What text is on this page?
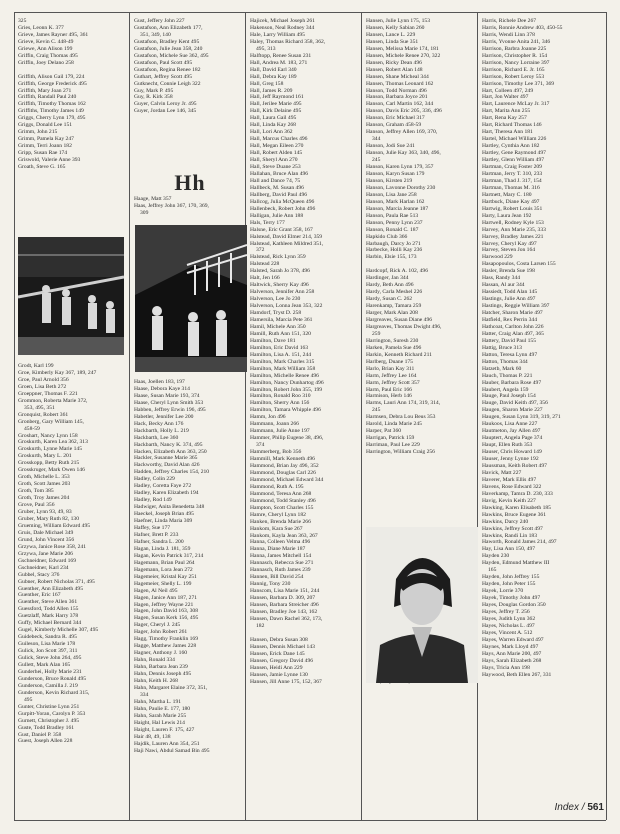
325
Gries, Leonn K. 377
Grieve, James Rayner 495, 361
Grieve, Kevin C. 448-49
Griewe, Ann Alison 199
Griffin, Craig Thomas 495
Griffin, Joey Delano 258

Griffith, Alison Gail 179, 224
Griffith, George Frederick 495
Griffith, Mary Joan 271
Griffith, Randall Paul 240
Griffith, Timothy Thomas 162
Griffiths, Timothy James 149
Griggs, Cherry Lynn 179, 495
Griggs, Donald Lee 151
Grimm, John 215
Grimm, Pamela Kay 247
Grimm, Terri Joann 182
Gripp, Susan Rae 174
Griswold, Valerie Anne 393
Groath, Steve G. 165
Grodt, Karl 199
Groe, Kimberly Kay 367, 189, 247
Groe, Paul Arnold 356
Groen, Lisa Beth 272
Groeppner, Thomas F. 221
Grommon, Roberta Marie 372,
353, 495, 351
Gronquist, Robert 361
Gronberg, Gary William 145,
458-59
Groshart, Nancy Lynn 158
Groskurth, Karen Lea 362, 313
Groskurth, Lynne Marie 145
Groskurth, Mary L. 201
Grosskopp, Betty Ruth 215
Grosskruger, Mark Owen 146
Groth, Michelle L. 353
Groth, Scott James 203
Groth, Tom 385
Groth, Troy James 204
Grove, Paul 356
Gruber, Lynn 93, 49, 83
Gruber, Mary Ruth 82, 130
Grueming, William Edward 495
Gruis, Dale Michael 349
Grund, John Vincent 356
Grzywa, Janice Rose 358, 241
Grzywa, Jane Marie 206
Gschneidner, Edward 169
Gschneidner, Karl 234
Gubbel, Stacy 376
Gubner, Robert Nicholas 371, 495
Guenther, Ann Elizabeth 495
Guenther, Eric 167
Guenther, Steve Allen 361
Guessford, Todd Allen 155
Guetzlaff, Mark Harry 378
Guffy, Michael Bernard 344
Gugel, Kimberly Michelle 307, 495
Guidebeck, Sandra R. 495
Guileson, Lisa Marie 178
Gulick, Jon Scott 397, 311
Gulick, Steve John 264, 495
Gullett, Mark Alan 165
Gunderhei, Holly Marie 231
Gunderson, Bruce Ronald 495
Gunderson, Camilla J. 219
Gunderson, Kevin Richard 315,
495
Gunter, Christine Lynn 251
Gurpitt-Yoran, Carolyn P. 353
Gurnett, Christopher J. 495
Guste, Todd Bradley 161
Gust, Daniel P. 358
Guest, Joseph Allen 228
Gust, Jeffery John 227
Gustafson, Ann Elizabeth 177,
351, 349, 140
Gustafson, Bradley Kent 495
Gustafson, Julie Jean 358, 240
Gustafson, Michele Sue 362, 495
Gustafson, Paul Scott 495
Gustafson, Regina Renee 182
Guthart, Jeffrey Scott 495
Gutknecht, Connie Leigh 322
Guy, Mark P. 495
Guy, R. Kirk 358
Guyer, Calvin Leroy Jr. 495
Guyer, Jordan Lee 146, 345
Haage, Matt 357
Haas, Jeffrey John 367, 170, 369,
309
Haas, Joellen 183, 197
Haase, Debora Kaye 314
Haase, Susan Marie 193, 374
Haase, Cheryl Lynn Smith 353
Habben, Jeffrey Erwin 196, 495
Habetler, Jennifer Lee 200
Hack, Becky Ann 176
Hackbarth, Holly L. 219
Hackbarth, Lee 360
Hackbarth, Nancy K. 374, 495
Hacken, Elizabeth Ann 363, 250
Hackler, Susanne Marie 365
Hackworthy, David Alan 426
Hadden, Jeffrey Charles 154, 210
Hadley, Colin 229
Hadley, Coretta Faye 272
Hadley, Karen Elizabeth 194
Hadley, Rod 149
Hadwiger, Anita Benedetta 348
Haeckel, Joseph Brian 495
Haefner, Linda Maria 309
Haffey, Sue 177
Hafner, Brett P. 233
Hafner, Sandra L. 200
Hagan, Linda J. 181, 359
Hagan, Kevin Patrick 317, 214
Hagemann, Brian Paul 264
Hagemann, Lora Jean 272
Hagemeier, Kristal Kay 251
Hagemeier, Shelly L. 199
Hagen, Al Neil 495
Hagen, Janice Ann 187, 271
Hagen, Jeffrey Wayne 221
Hagen, John David 163, 308
Hagen, Susan Kerk 156, 495
Hager, Cheryl J. 245
Hager, John Robert 261
Hagg, Timothy Franklin 169
Hagge, Matthew James 228
Hagner, Anthony J. 160
Hahn, Ronald 334
Hahn, Barbara Jean 239
Hahn, Dennis Joseph 495
Hahn, Keith H. 268
Hahn, Margaret Elaine 372, 351,
334
Hahn, Martha L. 191
Hahn, Paulie E. 177, 180
Hahn, Sarah Marie 255
Haight, Hal Lewis 214
Haight, Lauren F. 175, 427
Hair 48, 49, 138
Hajdik, Lauren Ann 354, 251
Haji Nawi, Abdul Samad Bin 495
Hajicek, Michael Joseph 261
Hakenson, Neal Rodney 344
Hale, Larry William 495
Haley, Thomas Richard 358, 362,
495, 313
Halftopp, Renee Susan 231
Hall, Andrea M. 183, 271
Hall, David Earl 340
Hall, Debra Kay 189
Hall, Greg 158
Hall, James R. 209
Hall, Jeff Raymond 161
Hall, Jerilee Marie 495
Hall, Kirk Delaine 495
Hall, Laura Gail 495
Hall, Linda Kay 268
Hall, Lori Ann 362
Hall, Marcus Charles 496
Hall, Megan Eileen 270
Hall, Robert Alden 145
Hall, Sheryl Ann 270
Hall, Steve Duane 253
Hallahan, Bruce Alan 496
Hall and Dance 74, 75
Hallbeck, M. Susan 496
Hallberg, David Paul 496
Hallcog, Julia McQueen 496
Hallenbeck, Robert John 496
Halligan, Julie Ann 188
Hals, Terry 177
Halsne, Eric Grant 358, 167
Halstead, David Elmer 214, 359
Halstead, Kathleen Mildred 351,
372
Halstead, Rick Lynn 359
Halstead 228
Halsted, Sarah Jo 378, 496
Halt, Jen 166
Haltwick, Sherry Kay 496
Halverson, Jennifer Ann 258
Halverson, Lee Jo 230
Halverson, Lonna Jean 353, 322
Hamdorf, Tryst D. 258
Hamersila, Marcia Pete 361
Hamil, Michele Ann 350
Hamill, Ruth Ann 151, 320
Hamilton, Dave 181
Hamilton, Eric David 163
Hamilton, Lisa A. 151, 244
Hamilton, Mark Charles 315
Hamilton, Mark William 358
Hamilton, Michelle Renee 496
Hamilton, Nancy Dunhartog 496
Hamilton, Robert John 355, 199
Hamilton, Ronald Roo 310
Hamilton, Sherry Ann 156
Hamilton, Tamara Whipple 496
Hamm, Jon 496
Hammann, Joann 266
Hammann, Julie Anne 197
Hammer, Philip Eugene 38, 496,
374
Hammerberg, Bob 356
Hammill, Mark Kenneth 496
Hammond, Brian Jay 496, 352
Hammond, Douglas Carl 226
Hammond, Michael Edward 344
Hammond, Ruth A. 195
Hammond, Teresa Ann 268
Hammond, Todd Stanley 496
Hampton, Scott Charles 155
Hamre, Cheryl Lynn 182
Hanken, Brenda Marie 266
Hankom, Kara Sue 267
Hankom, Kayla Jean 363, 267
Hanna, Colleen Velma 496
Hanna, Diane Marie 187
Hanna, James Mitchell 154
Hannasch, Rebecca Sue 271
Hannasch, Ruth James 239
Hannen, Bill David 254
Hannig, Tony 230
Hanscom, Lisa Marie 151, 244
Hansen, Barbara D. 309, 207
Hansen, Barbara Streicher 496
Hansen, Bradley Joe 143, 162
Hansen, Dawn Rachel 362, 173,
182

Hansen, Debra Susan 308
Hansen, Dennis Michael 143
Hansen, Erick Dane 145
Hansen, Gregory David 496
Hansen, Heidi Ann 229
Hansen, Jamie Lynne 130
Hansen, Jill Anne 175, 152, 367
Hansen, Julie Lynn 175, 153
Hansen, Kelly Sabian 260
Hansen, Lance L. 229
Hansen, Linda Sue 351
Hansen, Melissa Marie 174, 181
Hansen, Michele Renee 270, 322
Hansen, Ricky Dean 496
Hansen, Robert Alan 148
Hansen, Shane Micheal 344
Hansen, Thomas Leonard 162
Hanson, Todd Norman 496
Hanson, Barbara Joyce 201
Hanson, Carl Martin 162, 344
Hanson, Davis Eric 205, 336, 496
Hanson, Eric Michael 317
Hanson, Graham 458-59
Hanson, Jeffrey Allen 169, 370,
344
Hanson, Jodi Sue 241
Hanson, Julie Kay 363, 340, 496,
245
Hanson, Karen Lynn 179, 357
Hanson, Karyn Susan 179
Hanson, Kirsten 219
Hanson, Lavonne Dorothy 230
Hanson, Lisa Jane 258
Hanson, Mark Harlan 162
Hanson, Marcia Jeanne 187
Hanson, Paula Rae 513
Hanson, Penny Lynn 237
Hanson, Ronald C. 187
Hapkido Club 366
Harbaugh, Darcy Jo 271
Harbecke, Holli Kay 236
Harbin, Elsie 155, 173

Hardcopf, Rick A. 102, 496
Hardinger, Jan 344
Hardy, Beth Ann 496
Hardy, Carla Meshel 226
Hardy, Susan C. 262
Harenkamp, Tamara 259
Harger, Mark Alan 208
Hargreaves, Susan Diane 496
Hargreaves, Thomas Dwight 496,
259
Harrington, Suresh 230
Harken, Pamela Sue 496
Harkin, Kenneth Richard 211
Harlberg, Duane 175
Harlo, Brian Kay 311
Harm, Jeffrey Lee 164
Harm, Jeffrey Scott 357
Harm, Paul Eric 166
Harmison, Herb 146
Harms, Lauri Ann 174, 319, 314,
245
Harmsen, Debra Lou Beus 353
Harold, Linda Marie 245
Harper, Pat 360
Harrigan, Patrick 159
Harriman, Paul Lee 229
Harrington, William Craig 256

Harris, Richele Dee 267
Harris, Ronnie Andrew 403, 450-55
Harris, Wendi Linn 378
Harris, Yvonne Anita 241, 346
Harrison, Barbra Joanne 225
Harrison, Christopher R. 154
Harrison, Nancy Lorraine 397
Harrison, Richard E. Jr. 165
Harrison, Robert Leroy 553
Harrison, Timothy Lee 371, 369
Hart, Colleen 497, 249
Hart, Jon Walter 497
Hart, Laurence McLay Jr. 317
Hart, Marita Ann 255
Hart, Rena Kay 257
Hart, Richard Thomas 146
Hart, Theresa Ann 181
Hartel, Michael William 226
Hartley, Cynthia Ann 182
Hartley, Gene Raymond 497
Hartley, Glenn William 497
Hartman, Craig Foster 209
Hartman, Jerry T. 310, 233
Hartman, Thad J. 317, 154
Hartman, Thomas M. 316
Hartnett, Mary C. 180
Hartbuck, Diane Kay 497
Hartwig, Robert Louis 351
Harty, Laura Jean 192
Hartwell, Rodney Kyle 153
Harvey, Ann Marie 235, 333
Harvey, Bradley James 221
Harvey, Cheryl Kay 497
Harvey, Steven Jon 164
Harwood 229
Hasapopoulos, Costa Larsen 155
Hasler, Brenda Sue 198
Hass, Randy 344
Hassan, Al aur 344
Hassiedt, Todd Alan 145
Hastings, Julie Ann 497
Hastings, Reggie William 397
Hatcher, Sharon Marie 497
Hatfield, Rex Perrin 344
Hathcoat, Carlton John 226
Hatter, Craig Alan 497, 365
Hattery, David Paul 155
Hattig, Bruce 313
Hatton, Teresa Lynn 497
Hatton, Thomas 344
Hatzetb, Mark 60
Hauch, Thomas P. 221
Hauber, Barbara Rose 497
Haubert, Angela 159
Hauge, Paul Joseph 154
Hauge, David Keith 497, 356
Haugen, Sharon Marie 227
Haugen, Susan Lynn 319, 319, 271
Haukoos, Lisa Anne 227
Hautmeton, Jay Allen 497
Hauptert, Angela Page 374
Haupt, Ellen Ruth 353
Hauser, Chris Howard 149
Hauser, Jenny Lynne 192
Haussman, Keith Robert 497
Havick, Matt 227
Haverer, Mark Ellis 497
Havens, Rose Edward 322
Haverkamp, Tamra D. 230, 333
Havig, Kevin Keith 227
Hawking, Karen Elisabeth 185
Hawkins, Bruce Eugene 361
Hawkins, Darcy 240
Hawkins, Jeffrey Scott 497
Hawkins, Randi Lin 183
Haworth, Ronald James 214, 497
Hay, Lisa Ann 150, 497
Hayden 230
Hayden, Edmund Matthew III
165
Hayden, John Jeffrey 155
Hayden, John Peter 155
Hayek, Lorrie 370
Hayek, Timothy John 497
Hayes, Douglas Gordon 350
Hayes, Jeffrey T. 256
Hayes, Judith Lynn 362
Hayes, Nicholas L. 497
Hayes, Vincent A. 512
Hayes, Warren Edward 497
Haynes, Mark Lloyd 497
Hays, Ann Marie 200, 497
Hays, Sarah Elizabeth 268
Hays, Tricia Ann 198
Haywood, Beth Ellen 267, 331
Hh
Index / 561
